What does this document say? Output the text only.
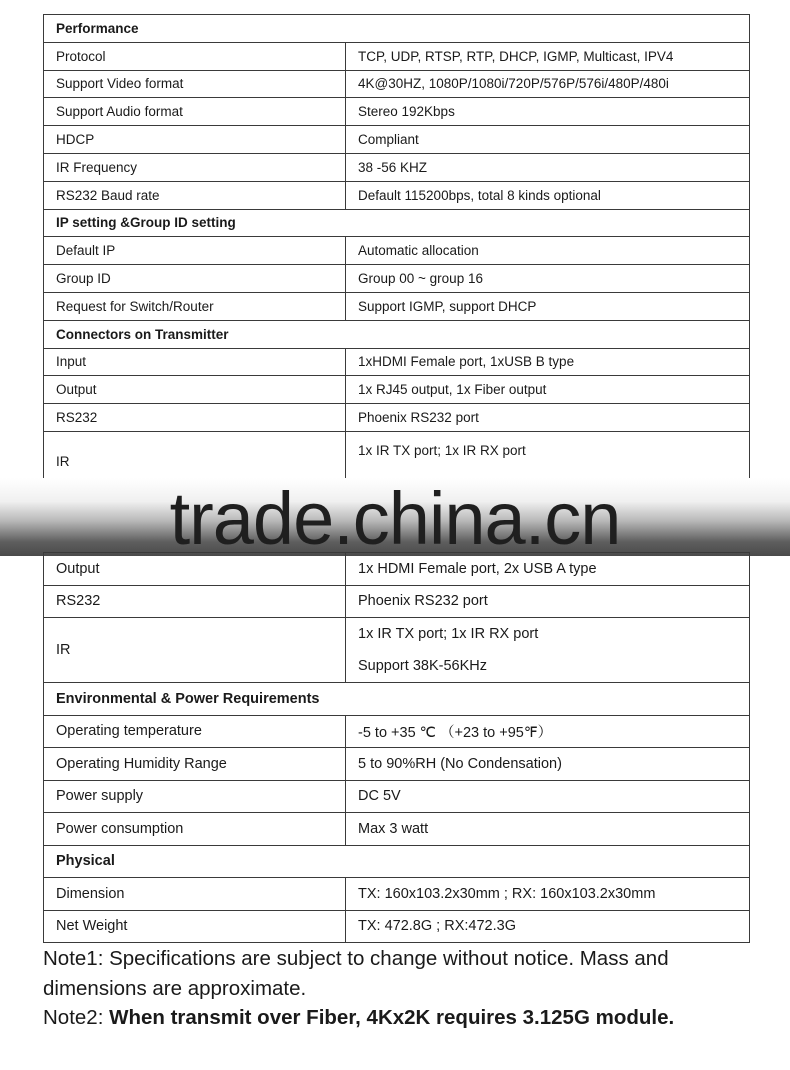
Performance	
Protocol	TCP, UDP, RTSP, RTP, DHCP, IGMP, Multicast, IPV4
Support Video format	4K@30HZ, 1080P/1080i/720P/576P/576i/480P/480i
Support Audio format	Stereo 192Kbps
HDCP	Compliant
IR Frequency	38 -56 KHZ
RS232 Baud rate	Default 115200bps, total 8 kinds optional
IP setting &Group ID setting	
Default IP	Automatic allocation
Group ID	Group 00 ~ group 16
Request for Switch/Router	Support IGMP, support DHCP
Connectors on Transmitter	
Input	1xHDMI Female port, 1xUSB B type
Output	1x RJ45 output, 1x Fiber output
RS232	Phoenix RS232 port
IR	1x IR TX port; 1x IR RX port
trade.china.cn
Output	1x HDMI Female port, 2x USB A type
RS232	Phoenix RS232 port
IR	1x IR TX port; 1x IR RX port
Support 38K-56KHz

Environmental & Power Requirements	
Operating temperature	-5 to +35 ℃ （+23 to +95℉）
Operating Humidity Range	5 to 90%RH (No Condensation)
Power supply	DC 5V
Power consumption	Max 3 watt
Physical	
Dimension	TX: 160x103.2x30mm ; RX: 160x103.2x30mm
Net Weight	TX: 472.8G ; RX:472.3G
Note1: Specifications are subject to change without notice. Mass and dimensions are approximate.
Note2: When transmit over Fiber, 4Kx2K requires 3.125G module.
